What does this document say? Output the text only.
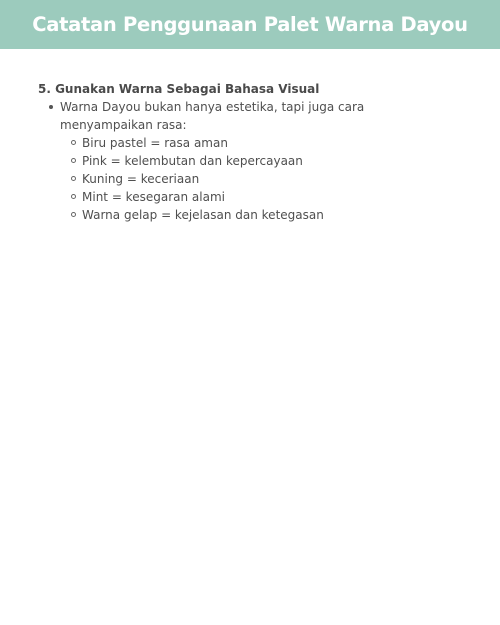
Catatan Penggunaan Palet Warna Dayou
5. Gunakan Warna Sebagai Bahasa Visual
Warna Dayou bukan hanya estetika, tapi juga cara menyampaikan rasa:
Biru pastel = rasa aman
Pink = kelembutan dan kepercayaan
Kuning = keceriaan
Mint = kesegaran alami
Warna gelap = kejelasan dan ketegasan
